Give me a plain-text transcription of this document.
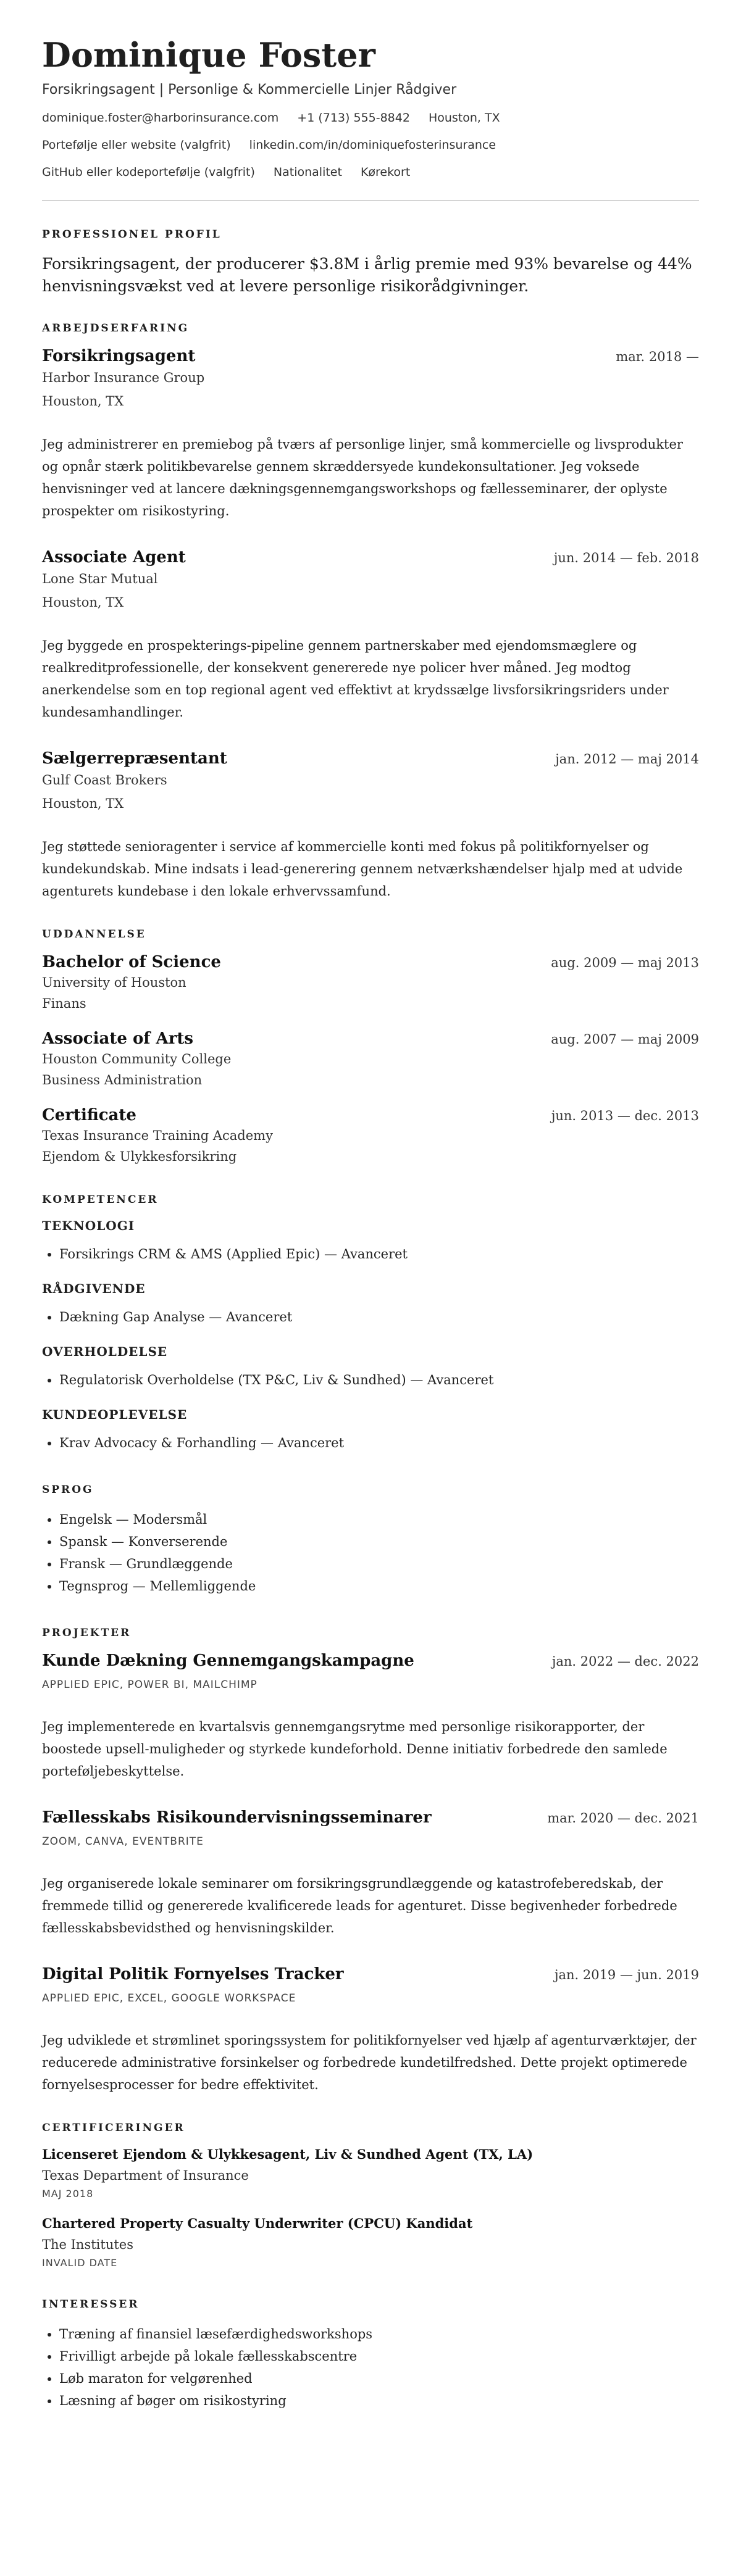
Dominique Foster
Forsikringsagent | Personlige & Kommercielle Linjer Rådgiver
dominique.foster@harborinsurance.com +1 (713) 555-8842 Houston, TX
Portefølje eller website (valgfrit) linkedin.com/in/dominiquefosterinsurance
GitHub eller kodeportefølje (valgfrit) Nationalitet Kørekort
PROFESSIONEL PROFIL
Forsikringsagent, der producerer $3.8M i årlig premie med 93% bevarelse og 44% henvisningsvækst ved at levere personlige risikorådgivninger.
ARBEJDSERFARING
Forsikringsagent	mar. 2018 —
Harbor Insurance Group
Houston, TX
Jeg administrerer en premiebog på tværs af personlige linjer, små kommercielle og livsprodukter og opnår stærk politikbevarelse gennem skræddersyede kundekonsultationer. Jeg voksede henvisninger ved at lancere dækningsgennemgangsworkshops og fællesseminarer, der oplyste prospekter om risikostyring.
Associate Agent	jun. 2014 — feb. 2018
Lone Star Mutual
Houston, TX
Jeg byggede en prospekterings-pipeline gennem partnerskaber med ejendomsmæglere og realkreditprofessionelle, der konsekvent genererede nye policer hver måned. Jeg modtog anerkendelse som en top regional agent ved effektivt at krydssælge livsforsikringsriders under kundesamhandlinger.
Sælgerrepræsentant	jan. 2012 — maj 2014
Gulf Coast Brokers
Houston, TX
Jeg støttede senioragenter i service af kommercielle konti med fokus på politikfornyelser og kundekundskab. Mine indsats i lead-generering gennem netværkshændelser hjalp med at udvide agenturets kundebase i den lokale erhvervssamfund.
UDDANNELSE
Bachelor of Science	aug. 2009 — maj 2013
University of Houston
Finans
Associate of Arts	aug. 2007 — maj 2009
Houston Community College
Business Administration
Certificate	jun. 2013 — dec. 2013
Texas Insurance Training Academy
Ejendom & Ulykkesforsikring
KOMPETENCER
TEKNOLOGI
• Forsikrings CRM & AMS (Applied Epic) — Avanceret
RÅDGIVENDE
• Dækning Gap Analyse — Avanceret
OVERHOLDELSE
• Regulatorisk Overholdelse (TX P&C, Liv & Sundhed) — Avanceret
KUNDEOPLEVELSE
• Krav Advocacy & Forhandling — Avanceret
SPROG
• Engelsk — Modersmål
• Spansk — Konverserende
• Fransk — Grundlæggende
• Tegnsprog — Mellemliggende
PROJEKTER
Kunde Dækning Gennemgangskampagne	jan. 2022 — dec. 2022
APPLIED EPIC, POWER BI, MAILCHIMP
Jeg implementerede en kvartalsvis gennemgangsrytme med personlige risikorapporter, der boostede upsell-muligheder og styrkede kundeforhold. Denne initiativ forbedrede den samlede porteføljebeskyttelse.
Fællesskabs Risikoundervisningsseminarer	mar. 2020 — dec. 2021
ZOOM, CANVA, EVENTBRITE
Jeg organiserede lokale seminarer om forsikringsgrundlæggende og katastrofeberedskab, der fremmede tillid og genererede kvalificerede leads for agenturet. Disse begivenheder forbedrede fællesskabsbevidsthed og henvisningskilder.
Digital Politik Fornyelses Tracker	jan. 2019 — jun. 2019
APPLIED EPIC, EXCEL, GOOGLE WORKSPACE
Jeg udviklede et strømlinet sporingssystem for politikfornyelser ved hjælp af agenturværktøjer, der reducerede administrative forsinkelser og forbedrede kundetilfredshed. Dette projekt optimerede fornyelsesprocesser for bedre effektivitet.
CERTIFICERINGER
Licenseret Ejendom & Ulykkesagent, Liv & Sundhed Agent (TX, LA)
Texas Department of Insurance
MAJ 2018
Chartered Property Casualty Underwriter (CPCU) Kandidat
The Institutes
INVALID DATE
INTERESSER
• Træning af finansiel læsefærdighedsworkshops
• Frivilligt arbejde på lokale fællesskabscentre
• Løb maraton for velgørenhed
• Læsning af bøger om risikostyring
